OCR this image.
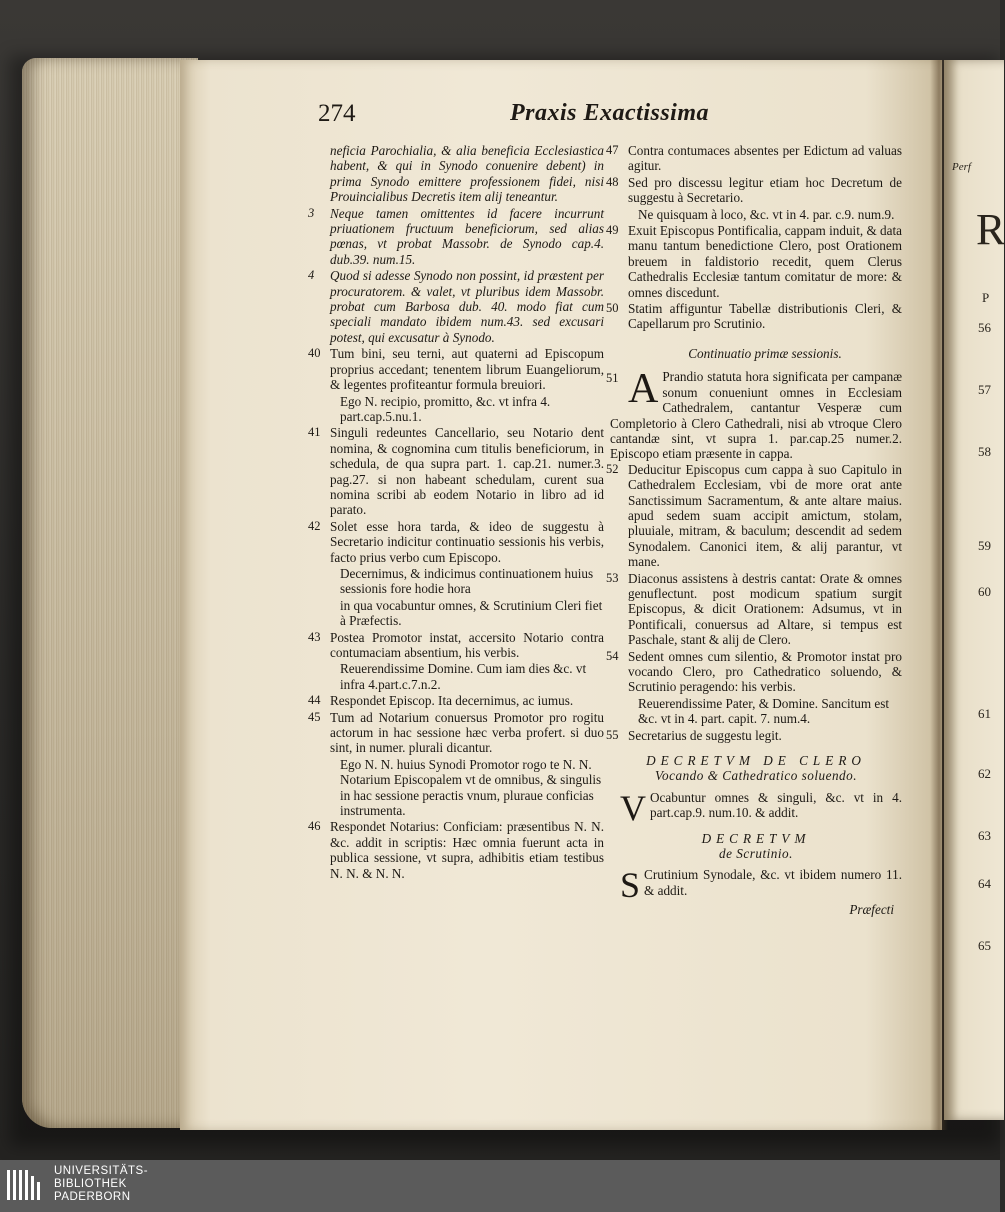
274	Praxis Exactissima

neficia Parochialia, & alia beneficia Ecclesiastica habent, & qui in Synodo conuenire debent) in prima Synodo emittere professionem fidei, nisi Prouincialibus Decretis item alij teneantur.

3	Neque tamen omittentes id facere incurrunt priuationem fructuum beneficiorum, sed alias pœnas, vt probat Massobr. de Synodo cap.4. dub.39. num.15.
4	Quod si adesse Synodo non possint, id præstent per procuratorem. & valet, vt pluribus idem Massobr. probat cum Barbosa dub. 40. modo fiat cum speciali mandato ibidem num.43. sed excusari potest, qui excusatur à Synodo.
40 Tum bini, seu terni, aut quaterni ad Episcopum proprius accedant; tenentem librum Euangeliorum, & legentes profiteantur formula breuiori.

Ego N. recipio, promitto, &c. vt infra 4. part.cap.5.nu.1.

41 Singuli redeuntes Cancellario, seu Notario dent nomina, & cognomina cum titulis beneficiorum, in schedula, de qua supra part. 1. cap.21. numer.3. pag.27. si non habeant schedulam, curent sua nomina scribi ab eodem Notario in libro ad id parato.
42 Solet esse hora tarda, & ideo de suggestu à Secretario indicitur continuatio sessionis his verbis, facto prius verbo cum Episcopo.

Decernimus, & indicimus continuationem huius sessionis fore hodie hora

in qua vocabuntur omnes, & Scrutinium Cleri fiet à Præfectis.

43 Postea Promotor instat, accersito Notario contra contumaciam absentium, his verbis.

Reuerendissime Domine. Cum iam dies &c. vt infra 4.part.c.7.n.2.

44 Respondet Episcop. Ita decernimus, ac iumus.
45 Tum ad Notarium conuersus Promotor pro rogitu actorum in hac sessione hæc verba profert. si duo sint, in numer. plurali dicantur.

Ego N. N. huius Synodi Promotor rogo te N. N. Notarium Episcopalem vt de omnibus, & singulis in hac sessione peractis vnum, pluraue conficias instrumenta.

46 Respondet Notarius: Conficiam: præsentibus N. N. &c. addit in scriptis: Hæc omnia fuerunt acta in publica sessione, vt supra, adhibitis etiam testibus N. N. & N. N.
47 Contra contumaces absentes per Edictum ad valuas agitur.
48 Sed pro discessu legitur etiam hoc Decretum de suggestu à Secretario.

Ne quisquam à loco, &c. vt in 4. par. c.9. num.9.

49 Exuit Episcopus Pontificalia, cappam induit, & data manu tantum benedictione Clero, post Orationem breuem in faldistorio recedit, quem Clerus Cathedralis Ecclesiæ tantum comitatur de more: & omnes discedunt.
50 Statim affiguntur Tabellæ distributionis Cleri, & Capellarum pro Scrutinio.

Continuatio primæ sessionis.

51 A Prandio statuta hora significata per campanæ sonum conueniunt omnes in Ecclesiam Cathedralem, cantantur Vesperæ cum Completorio à Clero Cathedrali, nisi ab vtroque Clero cantandæ sint, vt supra 1. par.cap.25 numer.2. Episcopo etiam præsente in cappa.
52 Deducitur Episcopus cum cappa à suo Capitulo in Cathedralem Ecclesiam, vbi de more orat ante Sanctissimum Sacramentum, & ante altare maius. apud sedem suam accipit amictum, stolam, pluuiale, mitram, & baculum; descendit ad sedem Synodalem. Canonici item, & alij parantur, vt mane.
53 Diaconus assistens à destris cantat: Orate & omnes genuflectunt. post modicum spatium surgit Episcopus, & dicit Orationem: Adsumus, vt in Pontificali, conuersus ad Altare, si tempus est Paschale, stant & alij de Clero.
54 Sedent omnes cum silentio, & Promotor instat pro vocando Clero, pro Cathedratico soluendo, & Scrutinio peragendo: his verbis.

Reuerendissime Pater, & Domine. Sancitum est &c. vt in 4. part. capit. 7. num.4.

55 Secretarius de suggestu legit.

DECRETVM DE CLERO

Vocando & Cathedratico soluendo.

V Ocabuntur omnes & singuli, &c. vt in 4. part.cap.9. num.10. & addit.

DECRETVM

de Scrutinio.

S Crutinium Synodale, &c. vt ibidem numero 11. & addit.

Præfecti

Perf
R
P
56
57
58
59
60
61
62
63
64
65
UNIVERSITÄTS-
BIBLIOTHEK
PADERBORN
